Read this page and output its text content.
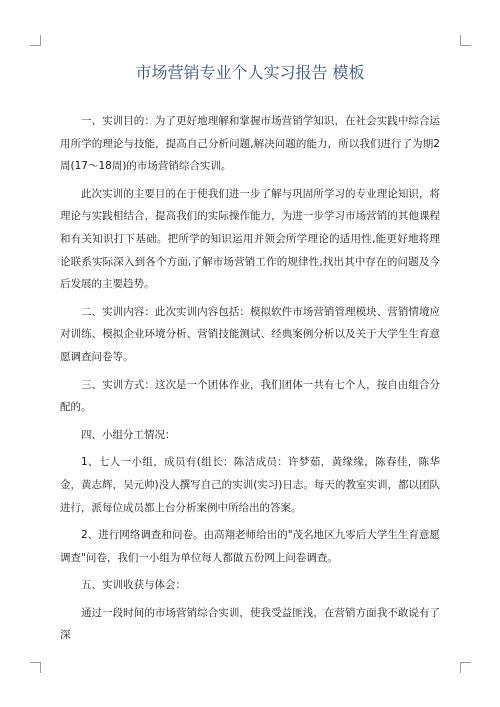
市场营销专业个人实习报告 模板

一、实训目的：为了更好地理解和掌握市场营销学知识，在社会实践中综合运用所学的理论与技能，提高自己分析问题,解决问题的能力，所以我们进行了为期2周(17～18周)的市场营销综合实训。

此次实训的主要目的在于使我们进一步了解与巩固所学习的专业理论知识，将理论与实践相结合，提高我们的实际操作能力，为进一步学习市场营销的其他课程和有关知识打下基础。把所学的知识运用并领会所学理论的适用性,能更好地将理论联系实际深入到各个方面,了解市场营销工作的规律性,找出其中存在的问题及今后发展的主要趋势。

二、实训内容：此次实训内容包括：模拟软件市场营销管理模块、营销情境应对训练、模拟企业环境分析、营销技能测试、经典案例分析以及关于大学生生育意愿调查问卷等。

三、实训方式：这次是一个团体作业，我们团体一共有七个人，按自由组合分配的。

四、小组分工情况：

1、七人一小组，成员有(组长：陈洁成员：许梦茹，黄缘缘，陈春佳，陈华金，黄志辉，吴元帅)没人撰写自己的实训(实习)日志。每天的教室实训，都以团队进行，派每位成员都上台分析案例中所给出的答案。

2、进行网络调查和问卷。由高翔老师给出的"茂名地区九零后大学生生育意愿调查"问卷，我们一小组为单位每人都做五份网上问卷调查。

五、实训收获与体会：

通过一段时间的市场营销综合实训，使我受益匪浅，在营销方面我不敢说有了深
